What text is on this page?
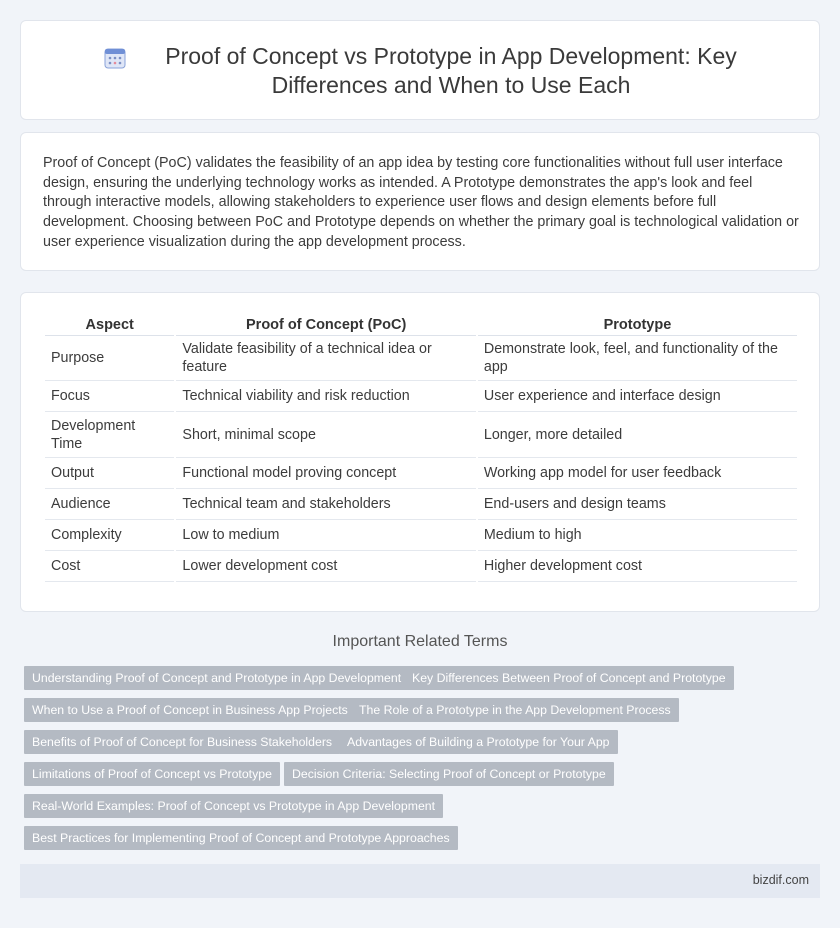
Proof of Concept vs Prototype in App Development: Key Differences and When to Use Each

Proof of Concept (PoC) validates the feasibility of an app idea by testing core functionalities without full user interface design, ensuring the underlying technology works as intended. A Prototype demonstrates the app's look and feel through interactive models, allowing stakeholders to experience user flows and design elements before full development. Choosing between PoC and Prototype depends on whether the primary goal is technological validation or user experience visualization during the app development process.

Aspect	Proof of Concept (PoC)	Prototype
Purpose	Validate feasibility of a technical idea or feature	Demonstrate look, feel, and functionality of the app
Focus	Technical viability and risk reduction	User experience and interface design
Development Time	Short, minimal scope	Longer, more detailed
Output	Functional model proving concept	Working app model for user feedback
Audience	Technical team and stakeholders	End-users and design teams
Complexity	Low to medium	Medium to high
Cost	Lower development cost	Higher development cost
Important Related Terms
Understanding Proof of Concept and Prototype in App Development Key Differences Between Proof of Concept and Prototype
When to Use a Proof of Concept in Business App Projects The Role of a Prototype in the App Development Process
Benefits of Proof of Concept for Business Stakeholders	Advantages of Building a Prototype for Your App
Limitations of Proof of Concept vs Prototype	Decision Criteria: Selecting Proof of Concept or Prototype
Real-World Examples: Proof of Concept vs Prototype in App Development
Best Practices for Implementing Proof of Concept and Prototype Approaches
bizdif.com
